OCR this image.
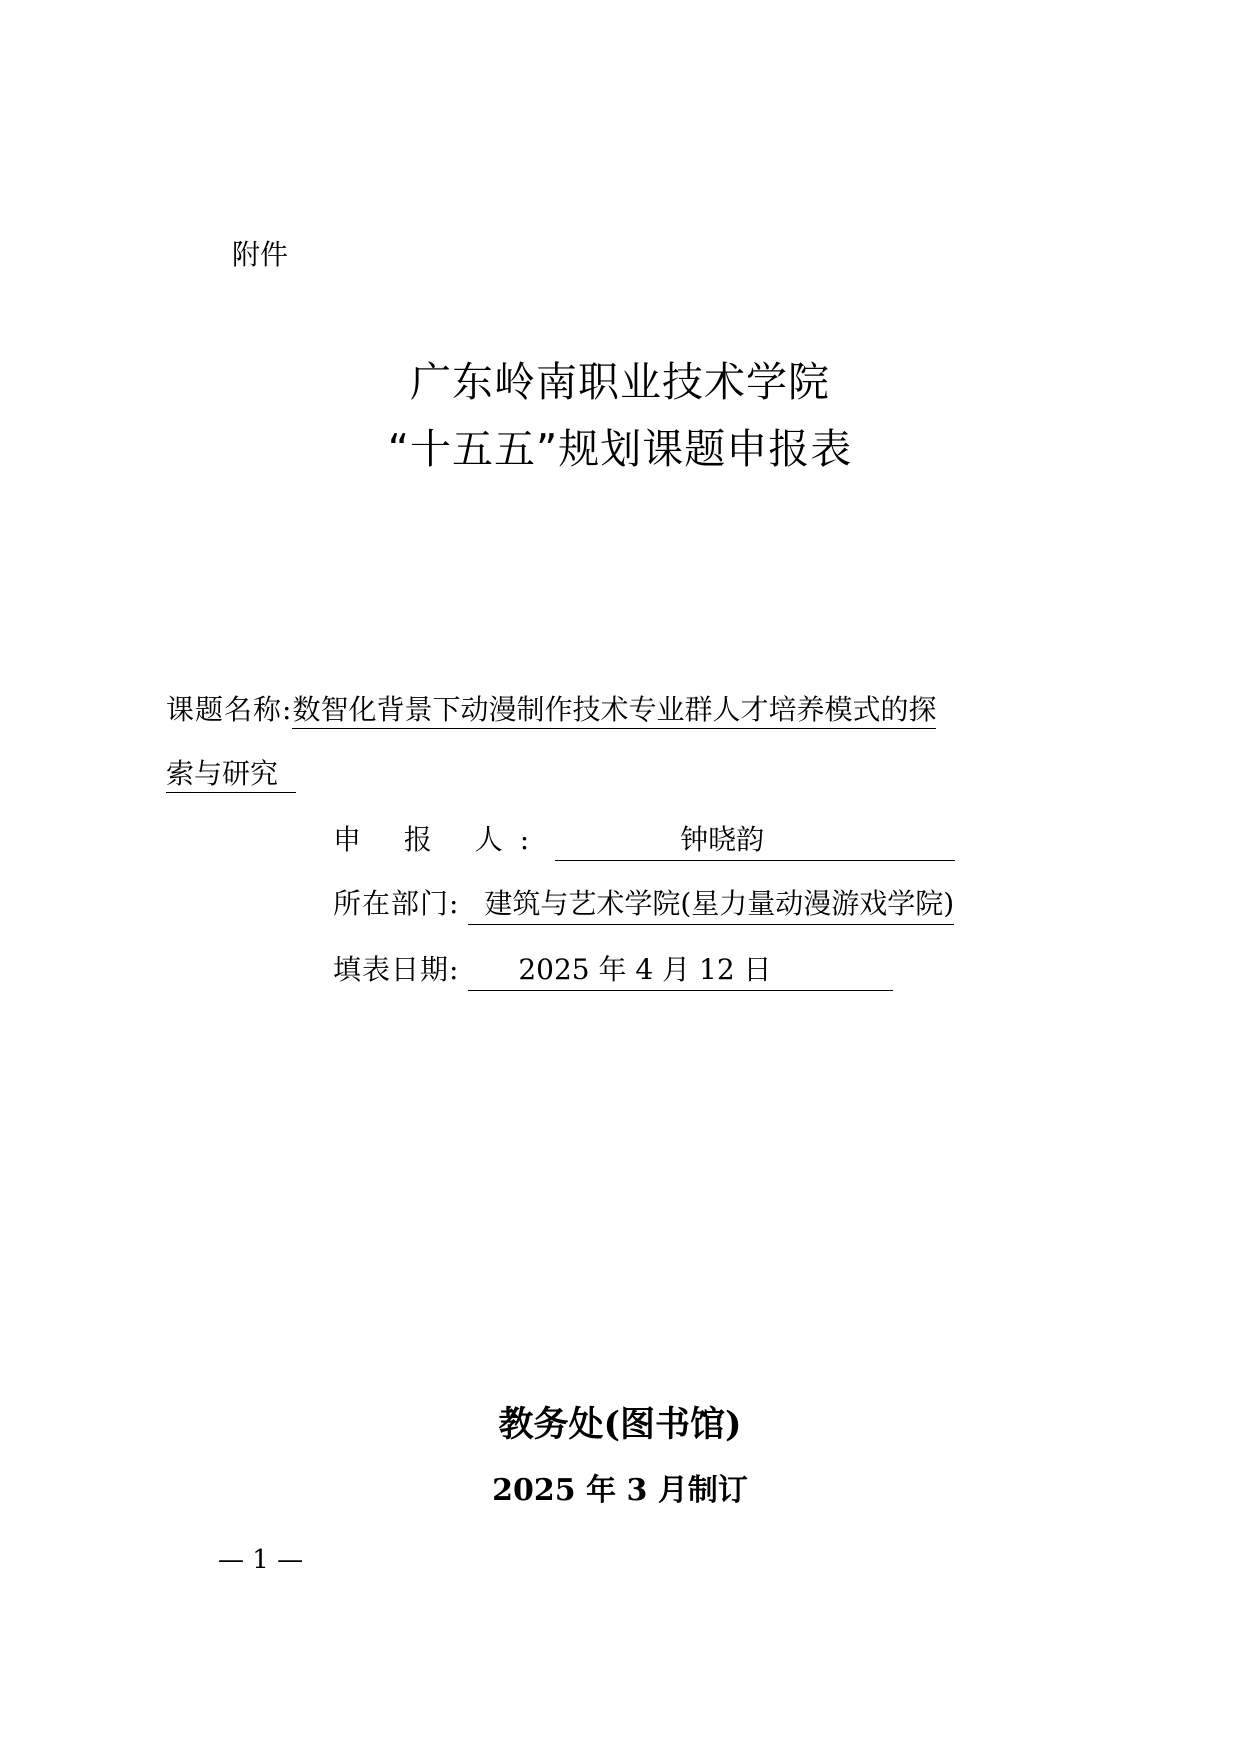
附件
广东岭南职业技术学院
“十五五”规划课题申报表
课题名称:数智化背景下动漫制作技术专业群人才培养模式的探
索与研究
申 报 人:	钟晓韵
所在部门: 建筑与艺术学院(星力量动漫游戏学院)
填表日期: 2025 年 4 月 12 日
教务处(图书馆)
2025 年 3 月制订
— 1 —
